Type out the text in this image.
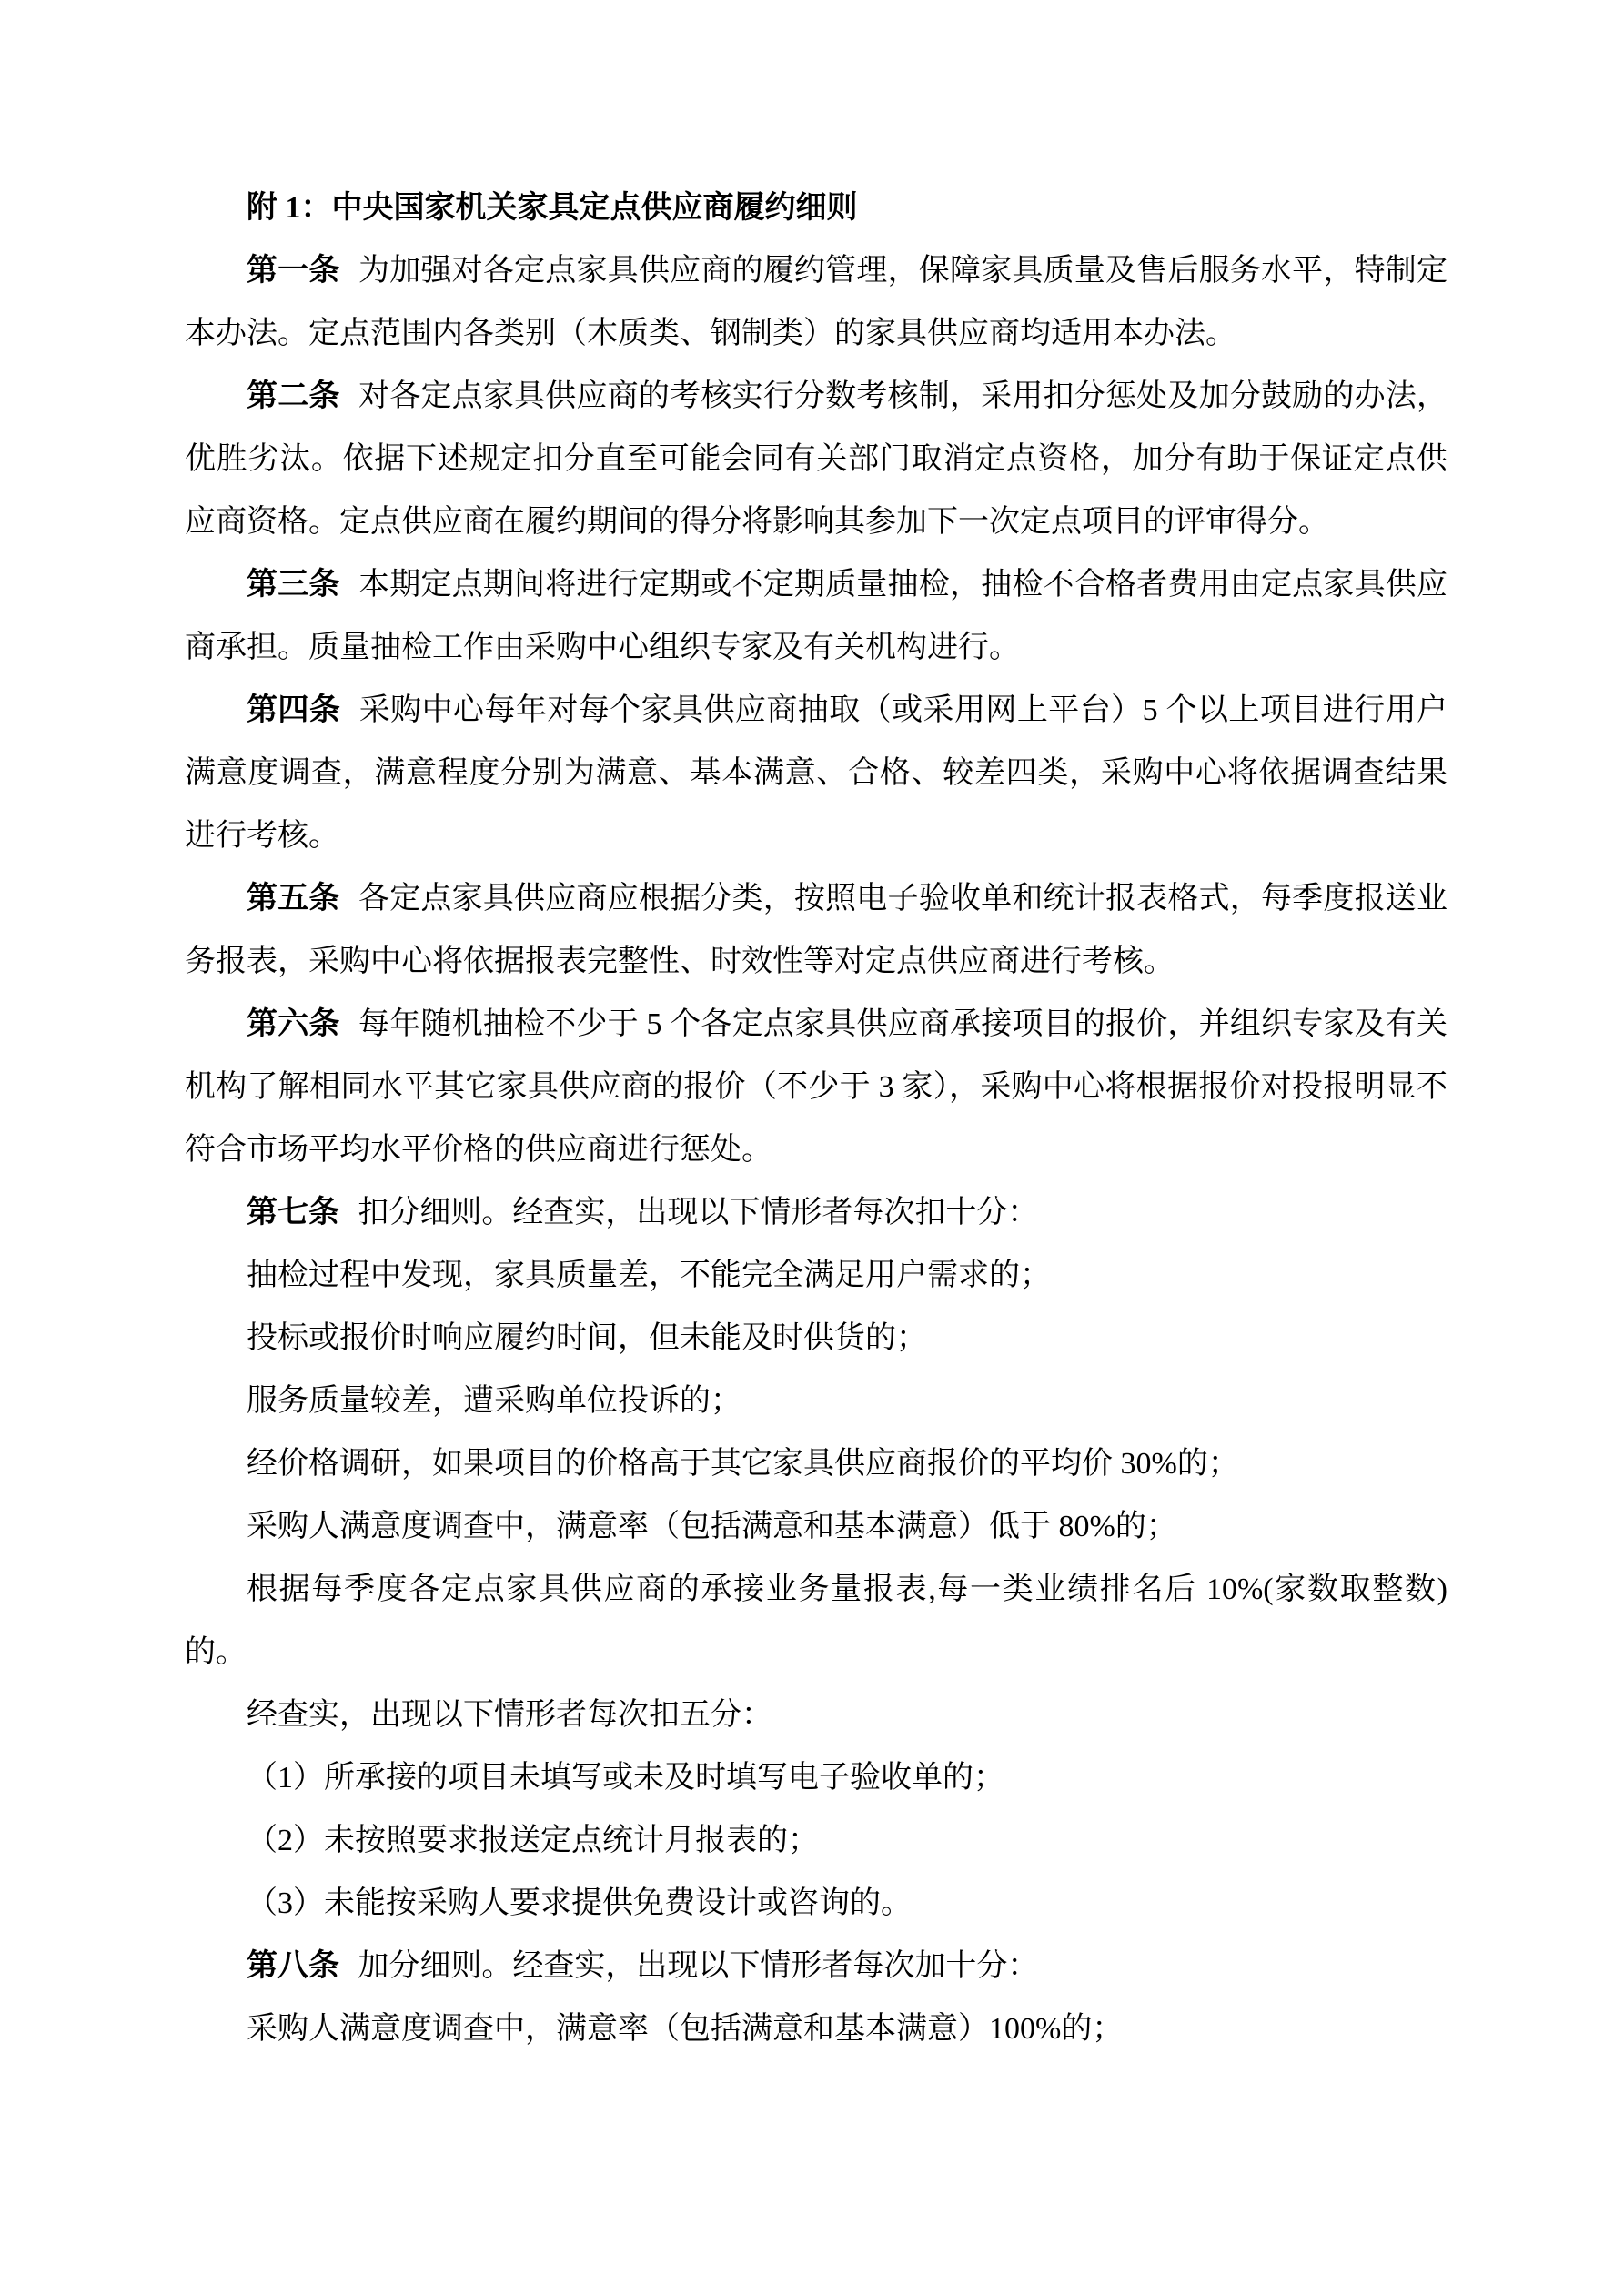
附 1：中央国家机关家具定点供应商履约细则

第一条 为加强对各定点家具供应商的履约管理，保障家具质量及售后服务水平，特制定本办法。定点范围内各类别（木质类、钢制类）的家具供应商均适用本办法。

第二条 对各定点家具供应商的考核实行分数考核制，采用扣分惩处及加分鼓励的办法，优胜劣汰。依据下述规定扣分直至可能会同有关部门取消定点资格，加分有助于保证定点供应商资格。定点供应商在履约期间的得分将影响其参加下一次定点项目的评审得分。

第三条 本期定点期间将进行定期或不定期质量抽检，抽检不合格者费用由定点家具供应商承担。质量抽检工作由采购中心组织专家及有关机构进行。

第四条 采购中心每年对每个家具供应商抽取（或采用网上平台）5 个以上项目进行用户满意度调查，满意程度分别为满意、基本满意、合格、较差四类，采购中心将依据调查结果进行考核。

第五条 各定点家具供应商应根据分类，按照电子验收单和统计报表格式，每季度报送业务报表，采购中心将依据报表完整性、时效性等对定点供应商进行考核。

第六条 每年随机抽检不少于 5 个各定点家具供应商承接项目的报价，并组织专家及有关机构了解相同水平其它家具供应商的报价（不少于 3 家），采购中心将根据报价对投报明显不符合市场平均水平价格的供应商进行惩处。

第七条 扣分细则。经查实，出现以下情形者每次扣十分：

抽检过程中发现，家具质量差，不能完全满足用户需求的；

投标或报价时响应履约时间，但未能及时供货的；

服务质量较差，遭采购单位投诉的；

经价格调研，如果项目的价格高于其它家具供应商报价的平均价 30%的；

采购人满意度调查中，满意率（包括满意和基本满意）低于 80%的；

根据每季度各定点家具供应商的承接业务量报表,每一类业绩排名后 10%(家数取整数)的。

经查实，出现以下情形者每次扣五分：

（1）所承接的项目未填写或未及时填写电子验收单的；

（2）未按照要求报送定点统计月报表的；

（3）未能按采购人要求提供免费设计或咨询的。

第八条 加分细则。经查实，出现以下情形者每次加十分：

采购人满意度调查中，满意率（包括满意和基本满意）100%的；
